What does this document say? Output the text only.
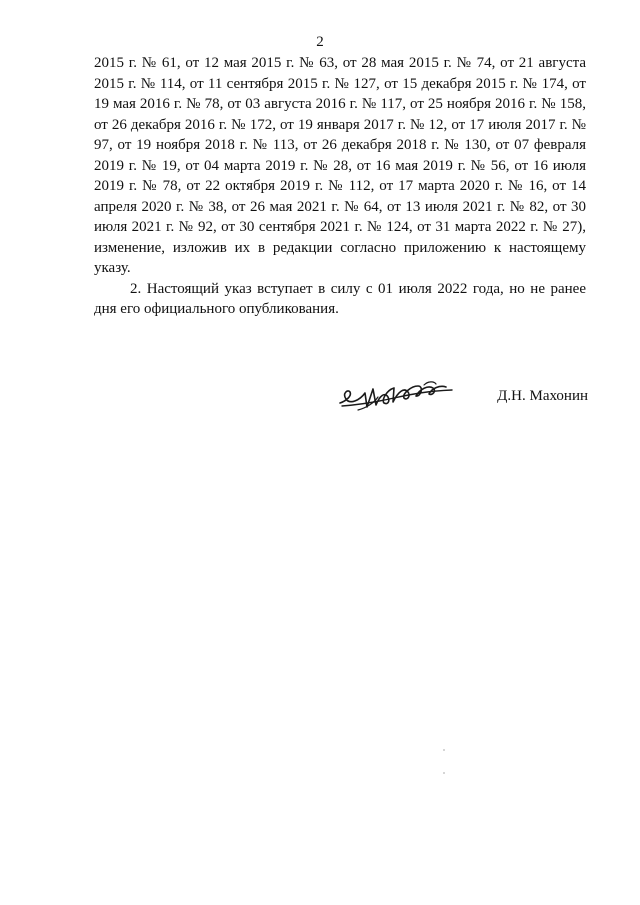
2

2015 г. № 61, от 12 мая 2015 г. № 63, от 28 мая 2015 г. № 74, от 21 августа 2015 г. № 114, от 11 сентября 2015 г. № 127, от 15 декабря 2015 г. № 174, от 19 мая 2016 г. № 78, от 03 августа 2016 г. № 117, от 25 ноября 2016 г. № 158, от 26 декабря 2016 г. № 172, от 19 января 2017 г. № 12, от 17 июля 2017 г. № 97, от 19 ноября 2018 г. № 113, от 26 декабря 2018 г. № 130, от 07 февраля 2019 г. № 19, от 04 марта 2019 г. № 28, от 16 мая 2019 г. № 56, от 16 июля 2019 г. № 78, от 22 октября 2019 г. № 112, от 17 марта 2020 г. № 16, от 14 апреля 2020 г. № 38, от 26 мая 2021 г. № 64, от 13 июля 2021 г. № 82, от 30 июля 2021 г. № 92, от 30 сентября 2021 г. № 124, от 31 марта 2022 г. № 27), изменение, изложив их в редакции согласно приложению к настоящему указу.

2. Настоящий указ вступает в силу с 01 июля 2022 года, но не ранее дня его официального опубликования.

Д.Н. Махонин
